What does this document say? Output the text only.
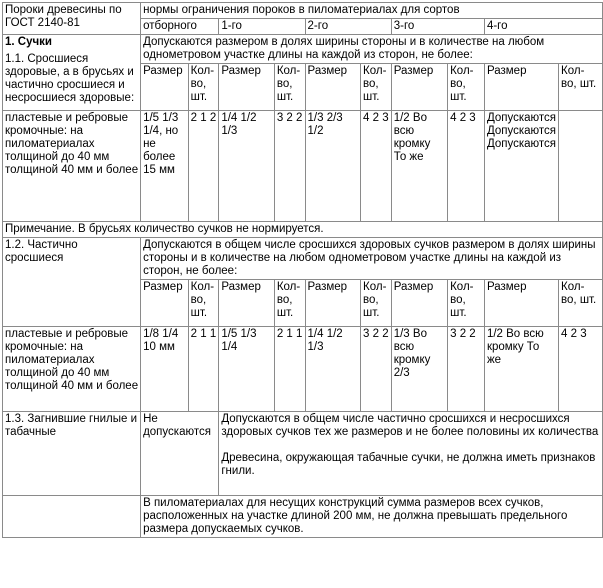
Пороки древесины по ГОСТ 2140-81	нормы ограничения пороков в пиломатериалах для сортов									
	отборного		1-го		2-го		3-го		4-го	

1. Сучки
1.1. Сросшиеся здоровые, а в брусьях и частично сросшиеся и несросшиеся здоровые:	Допускаются размером в долях ширины стороны и в количестве на любом однометровом участке длины на каждой из сторон, не более:									
	Размер	Кол- во, шт.	Размер	Кол- во, шт.	Размер	Кол- во, шт.	Размер	Кол- во, шт.	Размер	Кол- во, шт.
пластевые и ребровые кромочные: на пиломатериалах толщиной до 40 мм толщиной 40 мм и более	1/5 1/3 1/4, но не более 15 мм	2 1 2	1/4 1/2 1/3	3 2 2	1/3 2/3 1/2	4 2 3	1/2 Во всю кромку То же	4 2 3	Допускаются Допускаются Допускаются	
Примечание. В брусьях количество сучков не нормируется.										
1.2. Частично сросшиеся	Допускаются в общем числе сросшихся здоровых сучков размером в долях ширины стороны и в количестве на любом однометровом участке длины на каждой из сторон, не более:									
	Размер	Кол- во, шт.	Размер	Кол- во, шт.	Размер	Кол- во, шт.	Размер	Кол- во, шт.	Размер	Кол- во, шт.
пластевые и ребровые кромочные: на пиломатериалах толщиной до 40 мм толщиной 40 мм и более	1/8 1/4 10 мм	2 1 1	1/5 1/3 1/4	2 1 1	1/4 1/2 1/3	3 2 2	1/3 Во всю кромку 2/3	3 2 2	1/2 Во всю кромку То же	4 2 3
1.3. Загнившие гнилые и табачные	Не допускаются		Допускаются в общем числе частично сросшихся и несросшихся здоровых сучков тех же размеров и не более половины их количества
Древесина, окружающая табачные сучки, не должна иметь признаков гнили.							

	В пиломатериалах для несущих конструкций сумма размеров всех сучков, расположенных на участке длиной 200 мм, не должна превышать предельного размера допускаемых сучков.									
